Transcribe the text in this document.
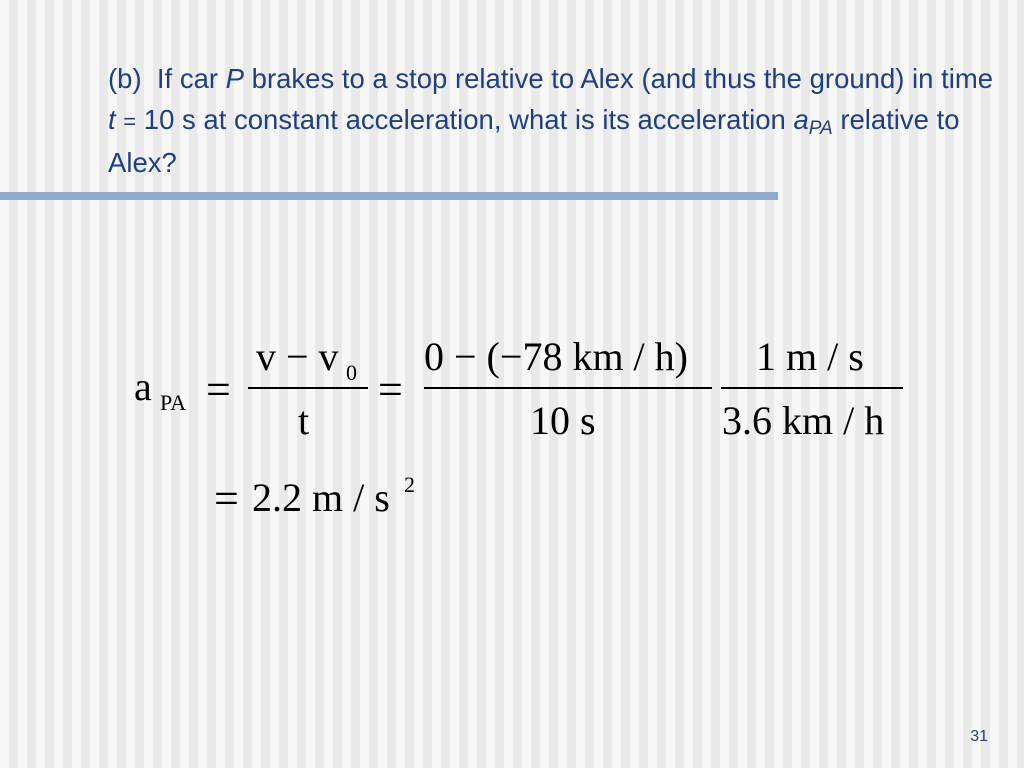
(b) If car P brakes to a stop relative to Alex (and thus the ground) in time t = 10 s at constant acceleration, what is its acceleration $a_{PA}$ relative to Alex?
a PA =
v − v 0
t
=
0 − (−78 km / h)
10 s
1 m / s
3.6 km / h
= 2.2 m / s 2
31
